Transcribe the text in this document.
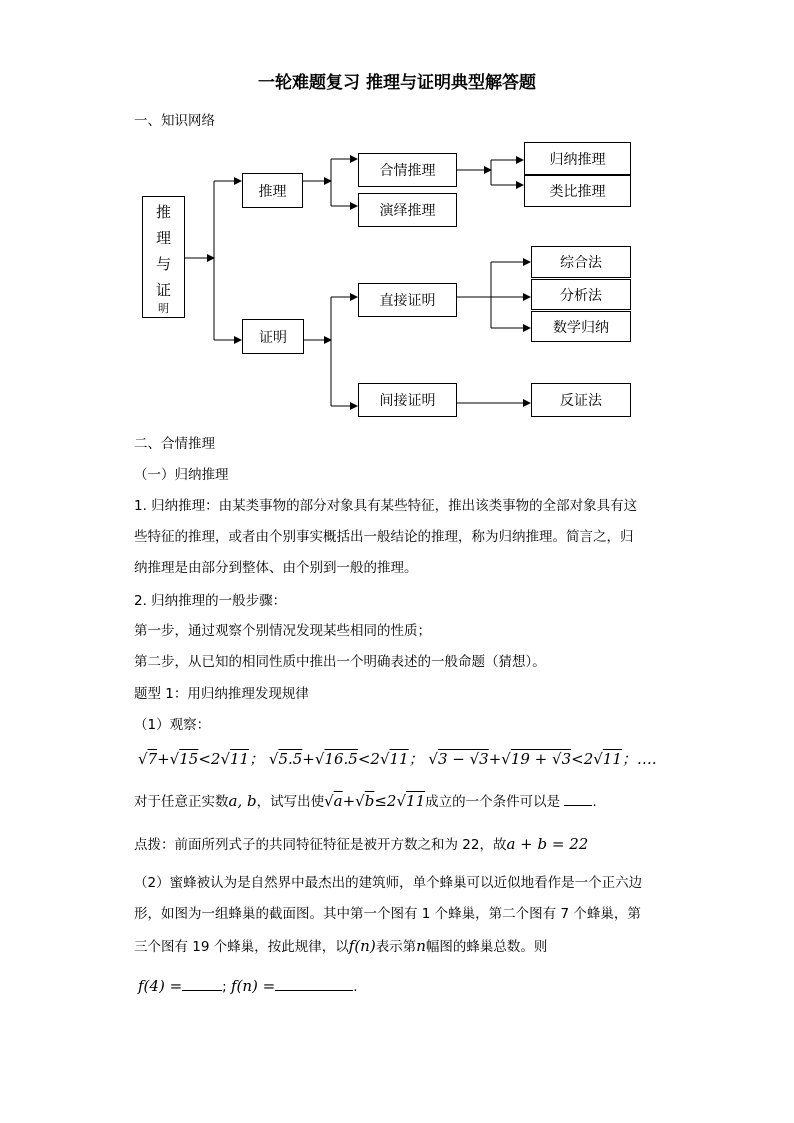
一轮难题复习 推理与证明典型解答题
一、知识网络
推
理
与
证
明
推理
合情推理
演绎推理
归纳推理
类比推理
证明
直接证明
间接证明
综合法
分析法
数学归纳
反证法
二、合情推理
（一）归纳推理
1. 归纳推理：由某类事物的部分对象具有某些特征，推出该类事物的全部对象具有这
些特征的推理，或者由个别事实概括出一般结论的推理，称为归纳推理。简言之，归
纳推理是由部分到整体、由个别到一般的推理。
2. 归纳推理的一般步骤：
第一步，通过观察个别情况发现某些相同的性质；
第二步，从已知的相同性质中推出一个明确表述的一般命题（猜想）。
题型 1：用归纳推理发现规律
（1）观察：
√7+√15<2√11； √5.5+√16.5<2√11； √3 − √3+√19 + √3<2√11；….
对于任意正实数a, b，试写出使√a+√b≤2√11成立的一个条件可以是 .
点拨：前面所列式子的共同特征特征是被开方数之和为 22，故a + b = 22
（2）蜜蜂被认为是自然界中最杰出的建筑师，单个蜂巢可以近似地看作是一个正六边
形，如图为一组蜂巢的截面图。其中第一个图有 1 个蜂巢，第二个图有 7 个蜂巢，第
三个图有 19 个蜂巢，按此规律，以f(n)表示第n幅图的蜂巢总数。则
f(4) =	; f(n) =	.
